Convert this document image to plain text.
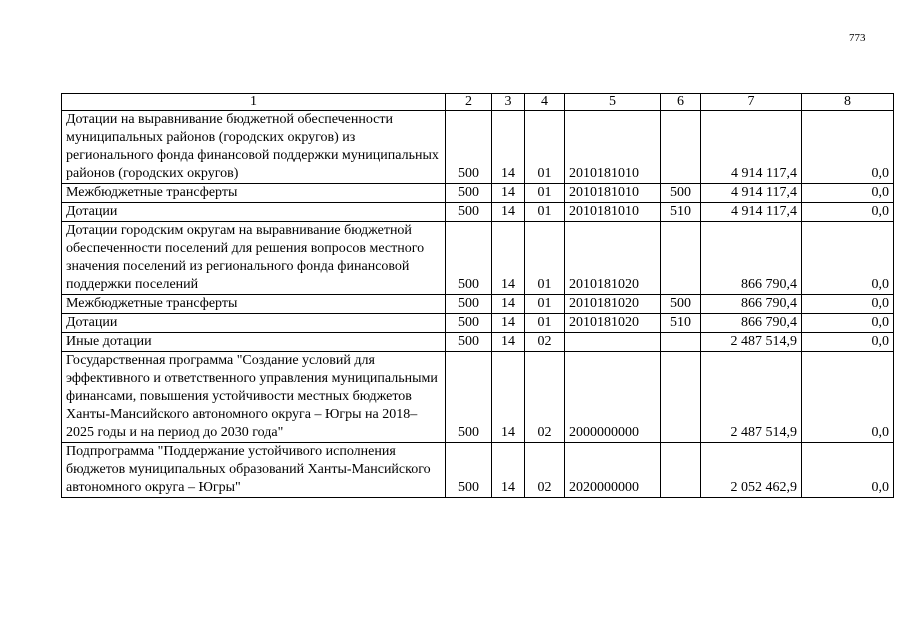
773
1	2	3	4	5	6	7	8
Дотации на выравнивание бюджетной обеспеченности муниципальных районов (городских округов) из регионального фонда финансовой поддержки муниципальных районов (городских округов)	500	14	01	2010181010		4 914 117,4	0,0
Межбюджетные трансферты	500	14	01	2010181010	500	4 914 117,4	0,0
Дотации	500	14	01	2010181010	510	4 914 117,4	0,0
Дотации городским округам на выравнивание бюджетной обеспеченности поселений для решения вопросов местного значения поселений из регионального фонда финансовой поддержки поселений	500	14	01	2010181020		866 790,4	0,0
Межбюджетные трансферты	500	14	01	2010181020	500	866 790,4	0,0
Дотации	500	14	01	2010181020	510	866 790,4	0,0
Иные дотации	500	14	02			2 487 514,9	0,0
Государственная программа "Создание условий для эффективного и ответственного управления муниципальными финансами, повышения устойчивости местных бюджетов Ханты-Мансийского автономного округа – Югры на 2018–2025 годы и на период до 2030 года"	500	14	02	2000000000		2 487 514,9	0,0
Подпрограмма "Поддержание устойчивого исполнения бюджетов муниципальных образований Ханты-Мансийского автономного округа – Югры"	500	14	02	2020000000		2 052 462,9	0,0
